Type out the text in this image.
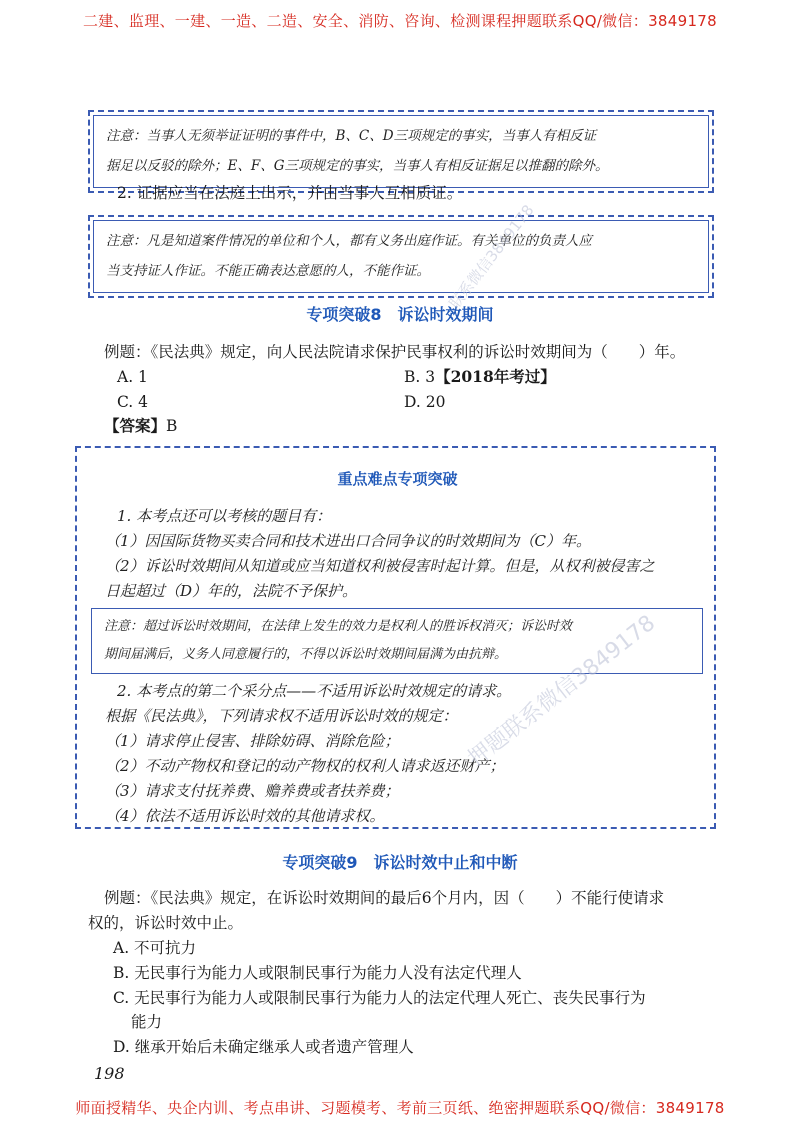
二建、监理、一建、一造、二造、安全、消防、咨询、检测课程押题联系QQ/微信：3849178
注意：当事人无须举证证明的事件中，B、C、D三项规定的事实，当事人有相反证
据足以反驳的除外；E、F、G三项规定的事实，当事人有相反证据足以推翻的除外。
2. 证据应当在法庭上出示，并由当事人互相质证。
注意：凡是知道案件情况的单位和个人，都有义务出庭作证。有关单位的负责人应
当支持证人作证。不能正确表达意愿的人，不能作证。
专项突破8　诉讼时效期间
例题：《民法典》规定，向人民法院请求保护民事权利的诉讼时效期间为（　　）年。
A. 1	B. 3【2018年考过】
C. 4	D. 20
【答案】B
重点难点专项突破
1. 本考点还可以考核的题目有：
（1）因国际货物买卖合同和技术进出口合同争议的时效期间为（C）年。
（2）诉讼时效期间从知道或应当知道权利被侵害时起计算。但是，从权利被侵害之
日起超过（D）年的，法院不予保护。
注意：超过诉讼时效期间，在法律上发生的效力是权利人的胜诉权消灭；诉讼时效
期间届满后，义务人同意履行的，不得以诉讼时效期间届满为由抗辩。
2. 本考点的第二个采分点——不适用诉讼时效规定的请求。
根据《民法典》，下列请求权不适用诉讼时效的规定：
（1）请求停止侵害、排除妨碍、消除危险；
（2）不动产物权和登记的动产物权的权利人请求返还财产；
（3）请求支付抚养费、赡养费或者扶养费；
（4）依法不适用诉讼时效的其他请求权。
专项突破9　诉讼时效中止和中断
例题：《民法典》规定，在诉讼时效期间的最后6个月内，因（　　）不能行使请求
权的，诉讼时效中止。
A. 不可抗力
B. 无民事行为能力人或限制民事行为能力人没有法定代理人
C. 无民事行为能力人或限制民事行为能力人的法定代理人死亡、丧失民事行为
能力
D. 继承开始后未确定继承人或者遗产管理人
联系微信3849178
押题联系微信3849178
198
师面授精华、央企内训、考点串讲、习题模考、考前三页纸、绝密押题联系QQ/微信：3849178
